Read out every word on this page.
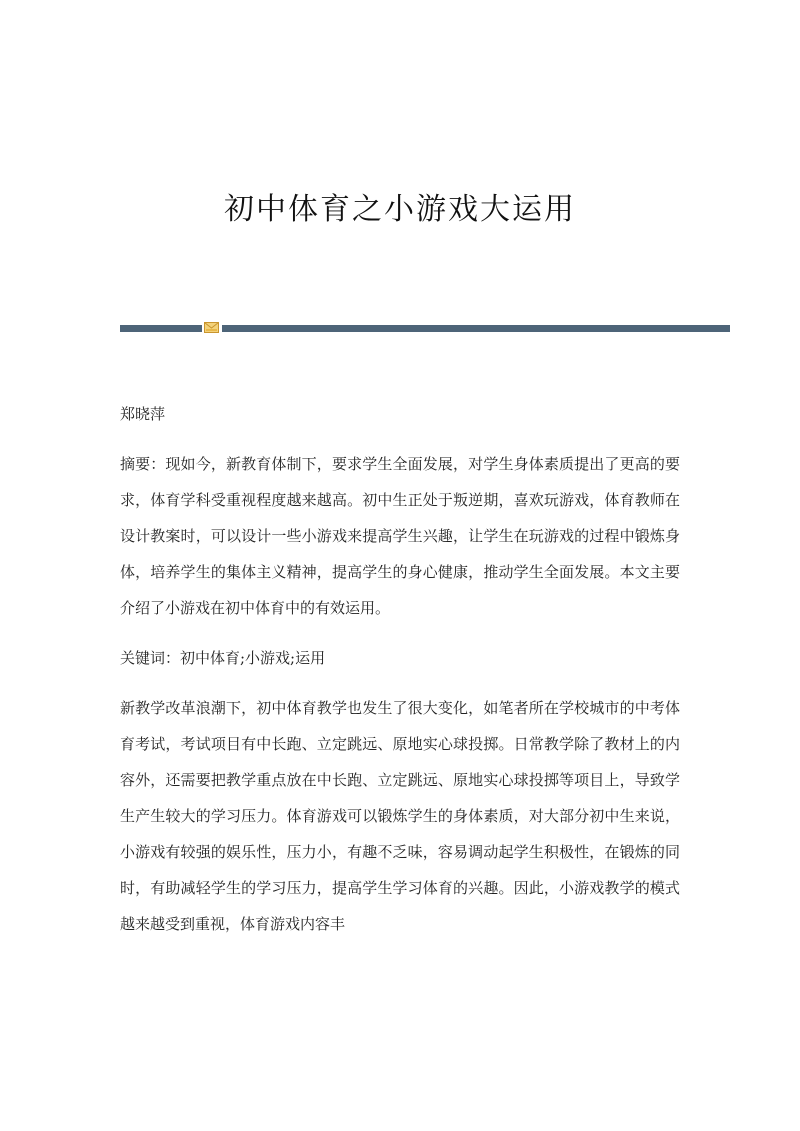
初中体育之小游戏大运用

郑晓萍

摘要：现如今，新教育体制下，要求学生全面发展，对学生身体素质提出了更高的要求，体育学科受重视程度越来越高。初中生正处于叛逆期，喜欢玩游戏，体育教师在设计教案时，可以设计一些小游戏来提高学生兴趣，让学生在玩游戏的过程中锻炼身体，培养学生的集体主义精神，提高学生的身心健康，推动学生全面发展。本文主要介绍了小游戏在初中体育中的有效运用。

关键词：初中体育;小游戏;运用

新教学改革浪潮下，初中体育教学也发生了很大变化，如笔者所在学校城市的中考体育考试，考试项目有中长跑、立定跳远、原地实心球投掷。日常教学除了教材上的内容外，还需要把教学重点放在中长跑、立定跳远、原地实心球投掷等项目上，导致学生产生较大的学习压力。体育游戏可以锻炼学生的身体素质，对大部分初中生来说，小游戏有较强的娱乐性，压力小，有趣不乏味，容易调动起学生积极性，在锻炼的同时，有助减轻学生的学习压力，提高学生学习体育的兴趣。因此，小游戏教学的模式越来越受到重视，体育游戏内容丰
